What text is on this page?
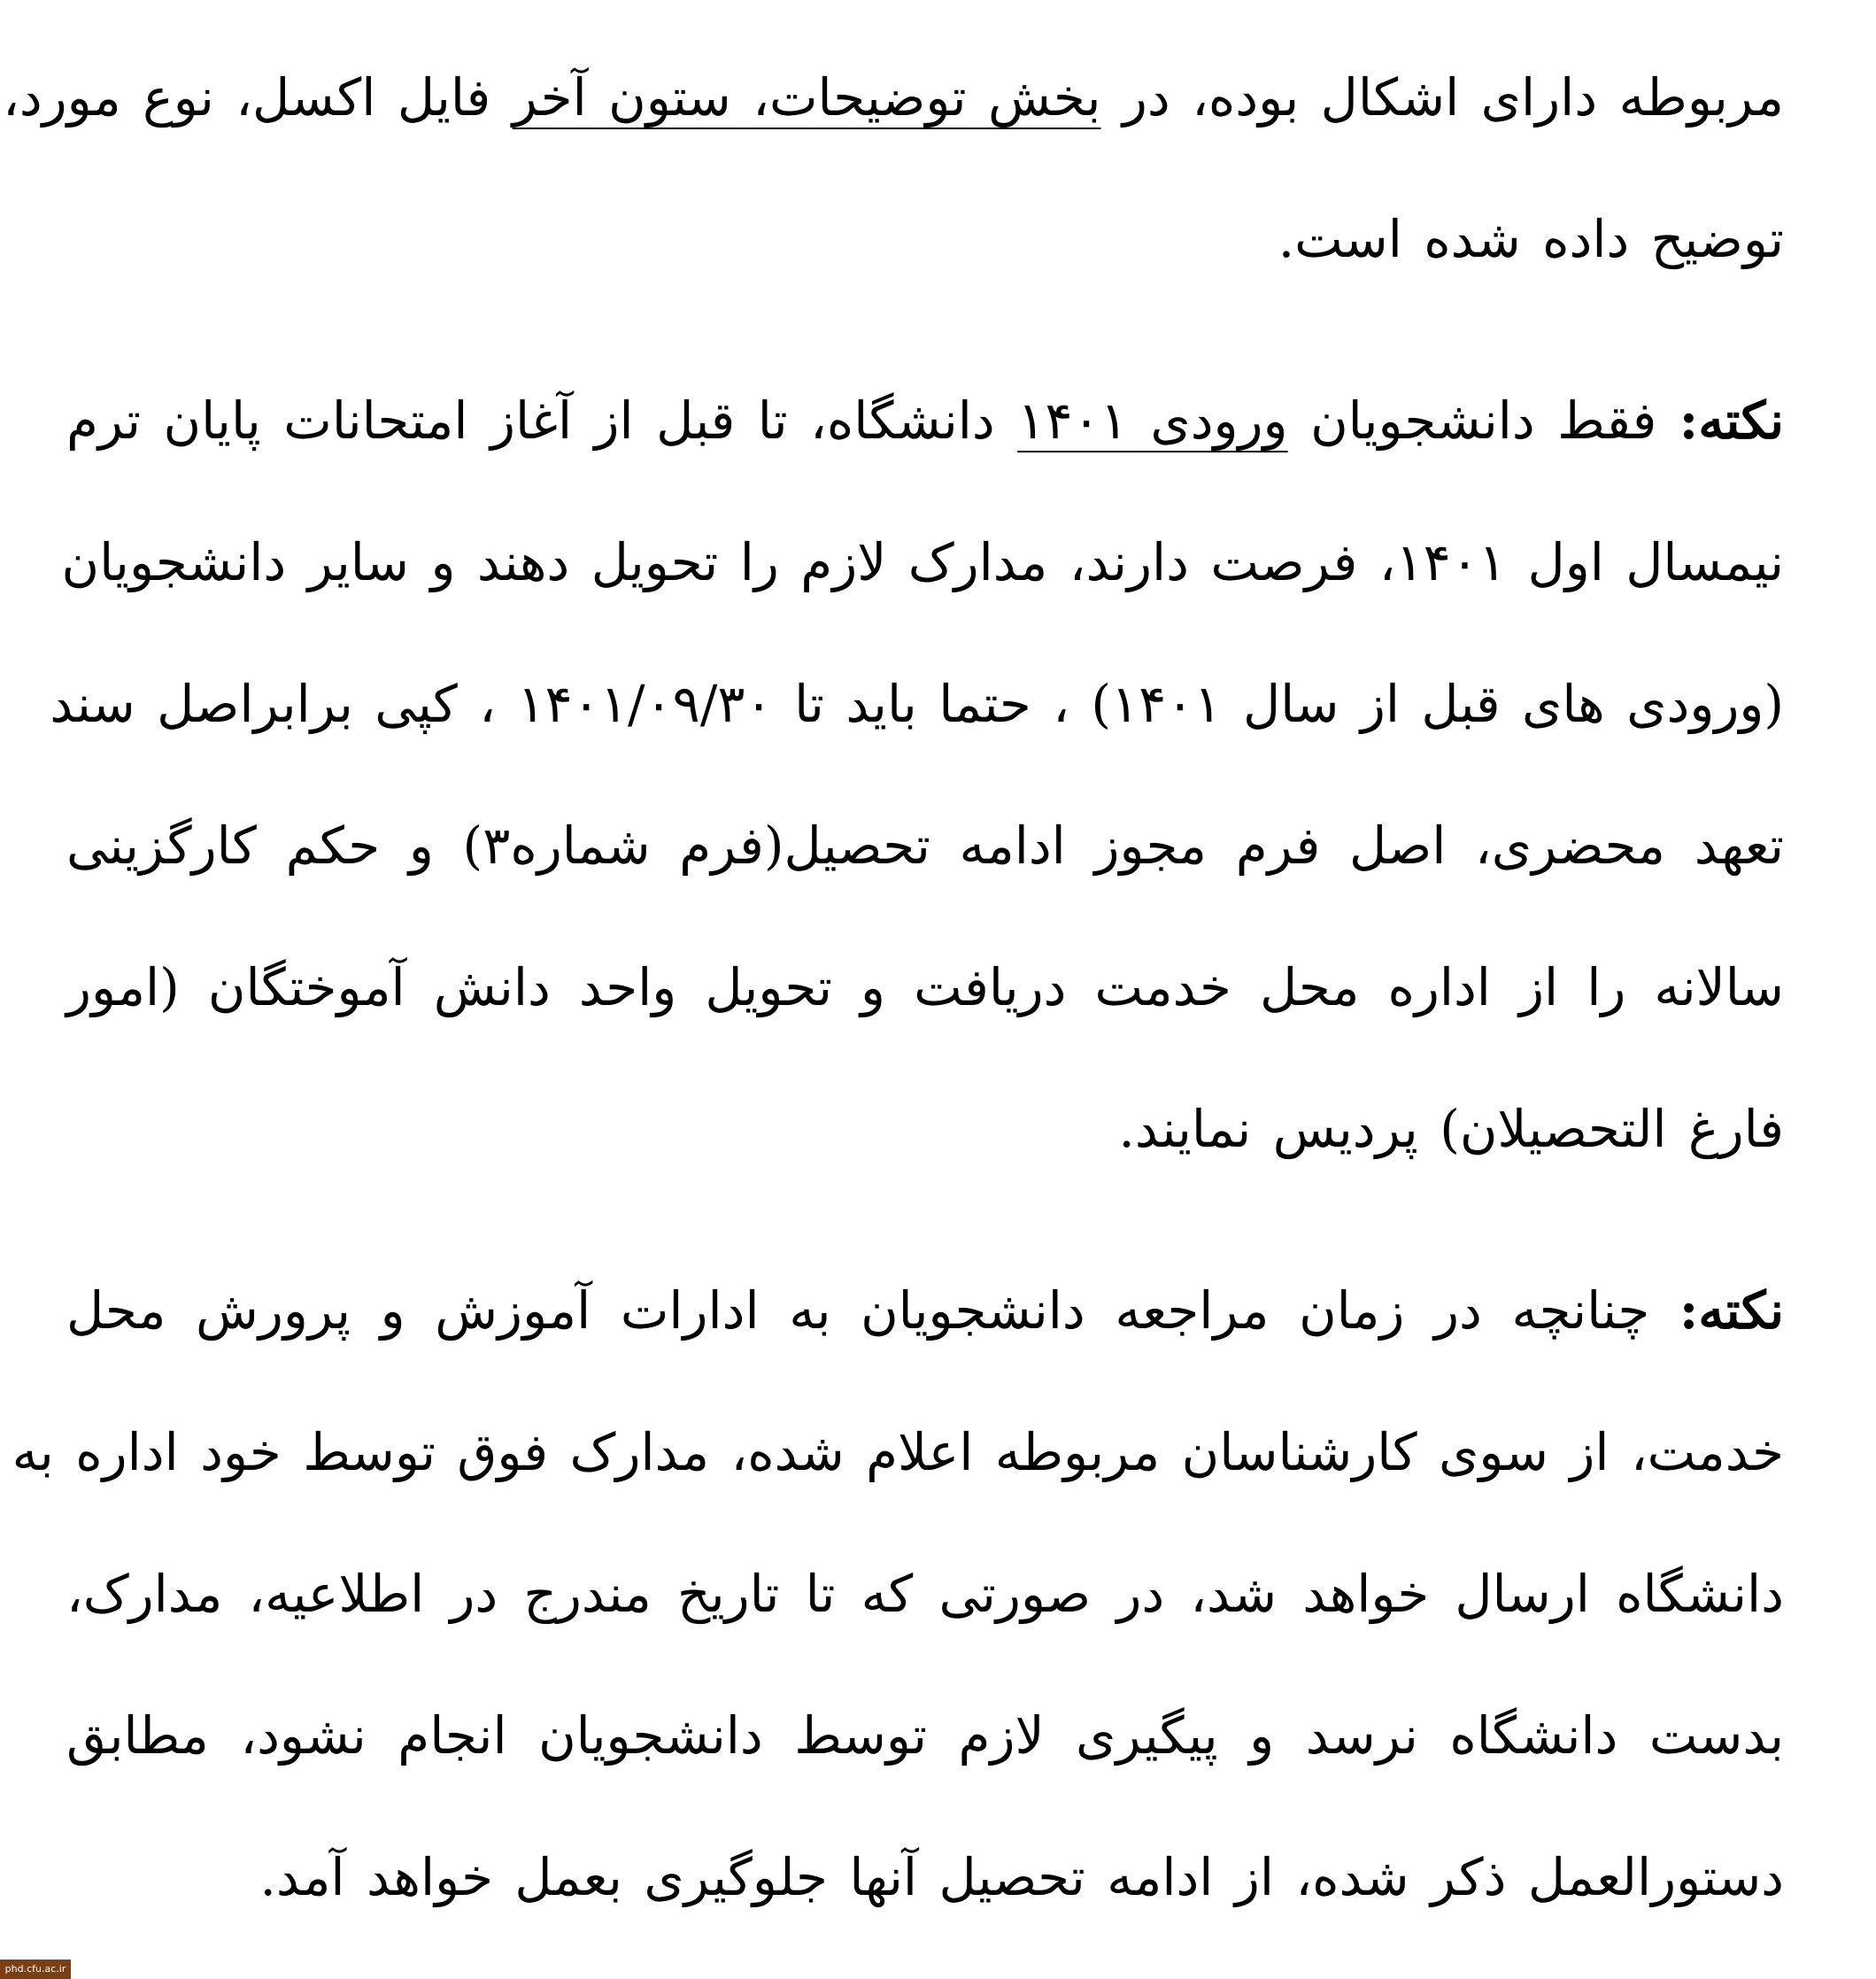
مربوطه دارای اشکال بوده، در بخش توضیحات، ستون آخر فایل اکسل، نوع مورد،
توضیح داده شده است.
نکته: فقط دانشجویان ورودی ۱۴۰۱ دانشگاه، تا قبل از آغاز امتحانات پایان ترم
نیمسال اول ۱۴۰۱، فرصت دارند، مدارک لازم را تحویل دهند و سایر دانشجویان
(ورودی های قبل از سال ۱۴۰۱) ، حتما باید تا ۱۴۰۱/۰۹/۳۰ ، کپی برابراصل سند
تعهد محضری، اصل فرم مجوز ادامه تحصیل(فرم شماره۳) و حکم کارگزینی
سالانه را از اداره محل خدمت دریافت و تحویل واحد دانش آموختگان (امور
فارغ التحصیلان) پردیس نمایند.
نکته: چنانچه در زمان مراجعه دانشجویان به ادارات آموزش و پرورش محل
خدمت، از سوی کارشناسان مربوطه اعلام شده، مدارک فوق توسط خود اداره به
دانشگاه ارسال خواهد شد، در صورتی که تا تاریخ مندرج در اطلاعیه، مدارک،
بدست دانشگاه نرسد و پیگیری لازم توسط دانشجویان انجام نشود، مطابق
دستورالعمل ذکر شده، از ادامه تحصیل آنها جلوگیری بعمل خواهد آمد.
phd.cfu.ac.ir
